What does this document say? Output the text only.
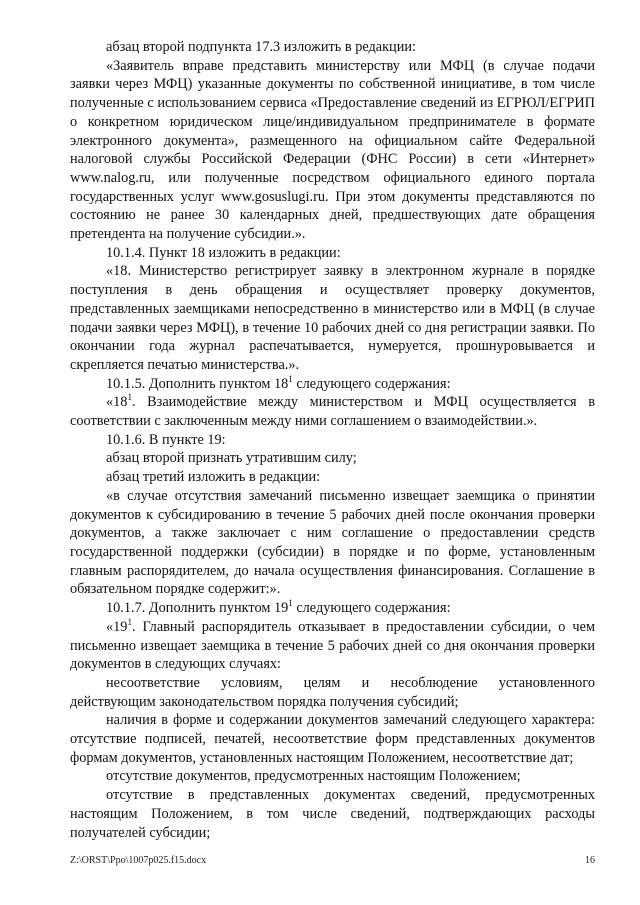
абзац второй подпункта 17.3 изложить в редакции:

«Заявитель вправе представить министерству или МФЦ (в случае подачи заявки через МФЦ) указанные документы по собственной инициативе, в том числе полученные с использованием сервиса «Предоставление сведений из ЕГРЮЛ/ЕГРИП о конкретном юридическом лице/индивидуальном предпринимателе в формате электронного документа», размещенного на официальном сайте Федеральной налоговой службы Российской Федерации (ФНС России) в сети «Интернет» www.nalog.ru, или полученные посредством официального единого портала государственных услуг www.gosuslugi.ru. При этом документы представляются по состоянию не ранее 30 календарных дней, предшествующих дате обращения претендента на получение субсидии.».

10.1.4. Пункт 18 изложить в редакции:

«18. Министерство регистрирует заявку в электронном журнале в порядке поступления в день обращения и осуществляет проверку документов, представленных заемщиками непосредственно в министерство или в МФЦ (в случае подачи заявки через МФЦ), в течение 10 рабочих дней со дня регистрации заявки. По окончании года журнал распечатывается, нумеруется, прошнуровывается и скрепляется печатью министерства.».

10.1.5. Дополнить пунктом $18^1$ следующего содержания:

«$18^1$. Взаимодействие между министерством и МФЦ осуществляется в соответствии с заключенным между ними соглашением о взаимодействии.».

10.1.6. В пункте 19:

абзац второй признать утратившим силу;

абзац третий изложить в редакции:

«в случае отсутствия замечаний письменно извещает заемщика о принятии документов к субсидированию в течение 5 рабочих дней после окончания проверки документов, а также заключает с ним соглашение о предоставлении средств государственной поддержки (субсидии) в порядке и по форме, установленным главным распорядителем, до начала осуществления финансирования. Соглашение в обязательном порядке содержит:».

10.1.7. Дополнить пунктом $19^1$ следующего содержания:

«$19^1$. Главный распорядитель отказывает в предоставлении субсидии, о чем письменно извещает заемщика в течение 5 рабочих дней со дня окончания проверки документов в следующих случаях:

несоответствие условиям, целям и несоблюдение установленного действующим законодательством порядка получения субсидий;

наличия в форме и содержании документов замечаний следующего характера: отсутствие подписей, печатей, несоответствие форм представленных документов формам документов, установленных настоящим Положением, несоответствие дат;

отсутствие документов, предусмотренных настоящим Положением;

отсутствие в представленных документах сведений, предусмотренных настоящим Положением, в том числе сведений, подтверждающих расходы получателей субсидии;

Z:\ORST\Ppo\1007p025.f15.docx	16
